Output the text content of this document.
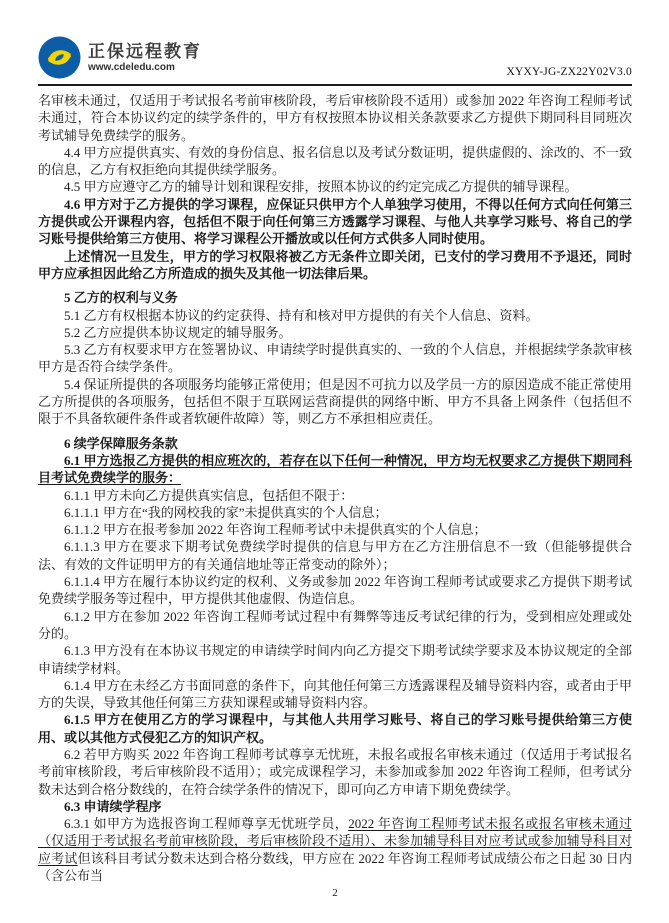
正保远程教育
www.cdeledu.com	XYXY-JG-ZX22Y02V3.0

名审核未通过，仅适用于考试报名考前审核阶段，考后审核阶段不适用）或参加 2022 年咨询工程师考试未通过，符合本协议约定的续学条件的，甲方有权按照本协议相关条款要求乙方提供下期同科目同班次考试辅导免费续学的服务。

4.4 甲方应提供真实、有效的身份信息、报名信息以及考试分数证明，提供虚假的、涂改的、不一致的信息，乙方有权拒绝向其提供续学服务。

4.5 甲方应遵守乙方的辅导计划和课程安排，按照本协议的约定完成乙方提供的辅导课程。

4.6 甲方对于乙方提供的学习课程，应保证只供甲方个人单独学习使用，不得以任何方式向任何第三方提供或公开课程内容，包括但不限于向任何第三方透露学习课程、与他人共享学习账号、将自己的学习账号提供给第三方使用、将学习课程公开播放或以任何方式供多人同时使用。

上述情况一旦发生，甲方的学习权限将被乙方无条件立即关闭，已支付的学习费用不予退还，同时甲方应承担因此给乙方所造成的损失及其他一切法律后果。

5 乙方的权利与义务

5.1 乙方有权根据本协议的约定获得、持有和核对甲方提供的有关个人信息、资料。

5.2 乙方应提供本协议规定的辅导服务。

5.3 乙方有权要求甲方在签署协议、申请续学时提供真实的、一致的个人信息，并根据续学条款审核甲方是否符合续学条件。

5.4 保证所提供的各项服务均能够正常使用；但是因不可抗力以及学员一方的原因造成不能正常使用乙方所提供的各项服务，包括但不限于互联网运营商提供的网络中断、甲方不具备上网条件（包括但不限于不具备软硬件条件或者软硬件故障）等，则乙方不承担相应责任。

6 续学保障服务条款

6.1 甲方选报乙方提供的相应班次的，若存在以下任何一种情况，甲方均无权要求乙方提供下期同科目考试免费续学的服务：

6.1.1 甲方未向乙方提供真实信息，包括但不限于：

6.1.1.1 甲方在“我的网校我的家”未提供真实的个人信息；

6.1.1.2 甲方在报考参加 2022 年咨询工程师考试中未提供真实的个人信息；

6.1.1.3 甲方在要求下期考试免费续学时提供的信息与甲方在乙方注册信息不一致（但能够提供合法、有效的文件证明甲方的有关通信地址等正常变动的除外）；

6.1.1.4 甲方在履行本协议约定的权利、义务或参加 2022 年咨询工程师考试或要求乙方提供下期考试免费续学服务等过程中，甲方提供其他虚假、伪造信息。

6.1.2 甲方在参加 2022 年咨询工程师考试过程中有舞弊等违反考试纪律的行为，受到相应处理或处分的。

6.1.3 甲方没有在本协议书规定的申请续学时间内向乙方提交下期考试续学要求及本协议规定的全部申请续学材料。

6.1.4 甲方在未经乙方书面同意的条件下，向其他任何第三方透露课程及辅导资料内容，或者由于甲方的失误，导致其他任何第三方获知课程或辅导资料内容。

6.1.5 甲方在使用乙方的学习课程中，与其他人共用学习账号、将自己的学习账号提供给第三方使用、或以其他方式侵犯乙方的知识产权。

6.2 若甲方购买 2022 年咨询工程师考试尊享无忧班，未报名或报名审核未通过（仅适用于考试报名考前审核阶段，考后审核阶段不适用）；或完成课程学习，未参加或参加 2022 年咨询工程师，但考试分数未达到合格分数线的，在符合续学条件的情况下，即可向乙方申请下期免费续学。

6.3 申请续学程序

6.3.1 如甲方为选报咨询工程师尊享无忧班学员，2022 年咨询工程师考试未报名或报名审核未通过（仅适用于考试报名考前审核阶段，考后审核阶段不适用）、未参加辅导科目对应考试或参加辅导科目对应考试但该科目考试分数未达到合格分数线，甲方应在 2022 年咨询工程师考试成绩公布之日起 30 日内（含公布当

2
